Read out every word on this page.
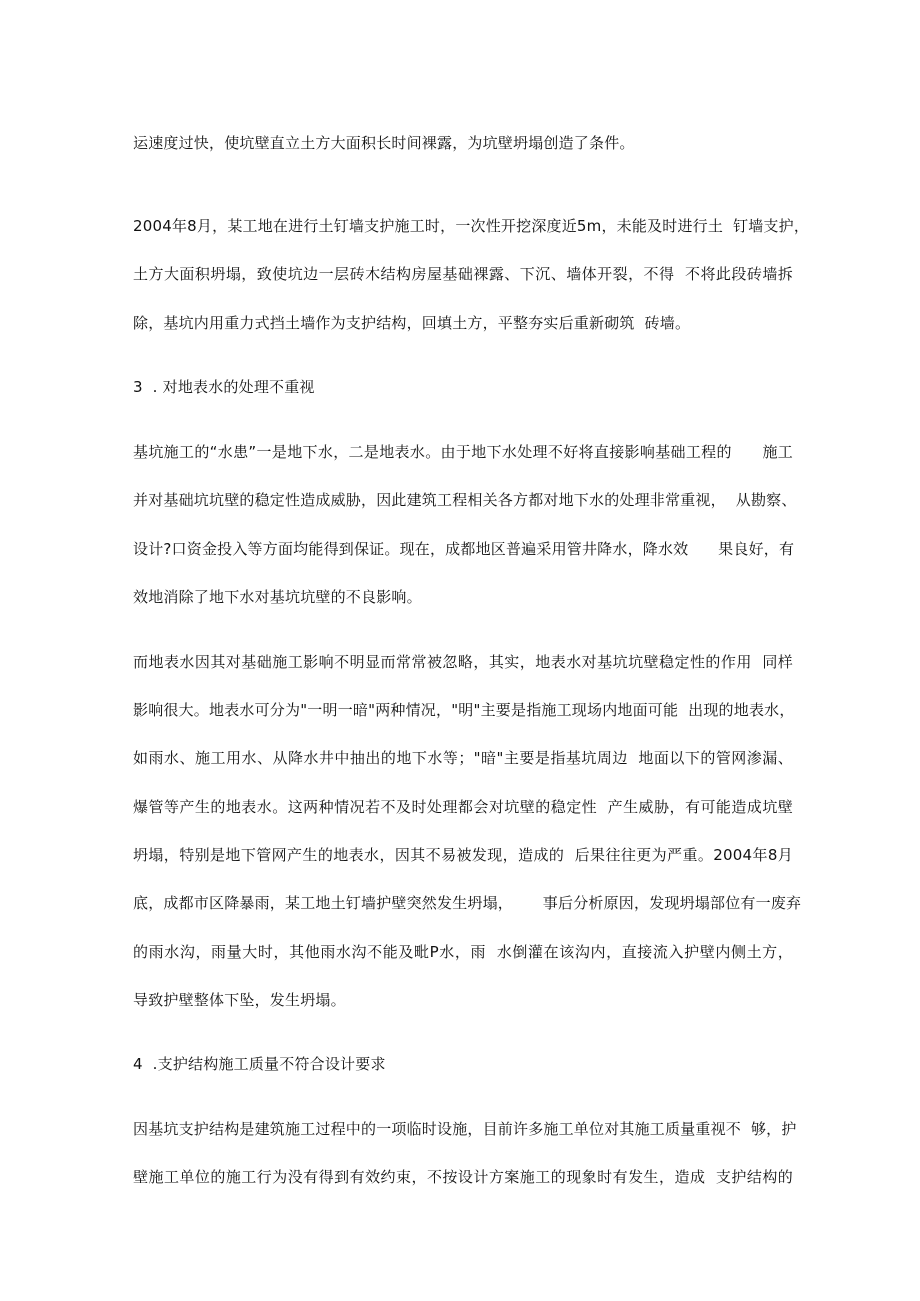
运速度过快，使坑壁直立土方大面积长时间裸露，为坑壁坍塌创造了条件。
2004年8月，某工地在进行土钉墙支护施工时，一次性开挖深度近5m，未能及时进行土  钉墙支护，
土方大面积坍塌，致使坑边一层砖木结构房屋基础裸露、下沉、墙体开裂，不得  不将此段砖墙拆
除，基坑内用重力式挡土墙作为支护结构，回填土方，平整夯实后重新砌筑  砖墙。
3  . 对地表水的处理不重视
基坑施工的“水患”一是地下水，二是地表水。由于地下水处理不好将直接影响基础工程的      施工
并对基础坑坑壁的稳定性造成威胁，因此建筑工程相关各方都对地下水的处理非常重视，  从勘察、
设计?口资金投入等方面均能得到保证。现在，成都地区普遍采用管井降水，降水效      果良好，有
效地消除了地下水对基坑坑壁的不良影响。
而地表水因其对基础施工影响不明显而常常被忽略，其实，地表水对基坑坑壁稳定性的作用  同样
影响很大。地表水可分为"一明一暗"两种情况，"明"主要是指施工现场内地面可能  出现的地表水，
如雨水、施工用水、从降水井中抽出的地下水等；"暗"主要是指基坑周边  地面以下的管网渗漏、
爆管等产生的地表水。这两种情况若不及时处理都会对坑壁的稳定性  产生威胁，有可能造成坑壁
坍塌，特别是地下管网产生的地表水，因其不易被发现，造成的  后果往往更为严重。2004年8月
底，成都市区降暴雨，某工地土钉墙护壁突然发生坍塌，      事后分析原因，发现坍塌部位有一废弃
的雨水沟，雨量大时，其他雨水沟不能及毗P水，雨  水倒灌在该沟内，直接流入护壁内侧土方，
导致护壁整体下坠，发生坍塌。
4  .支护结构施工质量不符合设计要求
因基坑支护结构是建筑施工过程中的一项临时设施，目前许多施工单位对其施工质量重视不  够，护
壁施工单位的施工行为没有得到有效约束，不按设计方案施工的现象时有发生，造成  支护结构的
